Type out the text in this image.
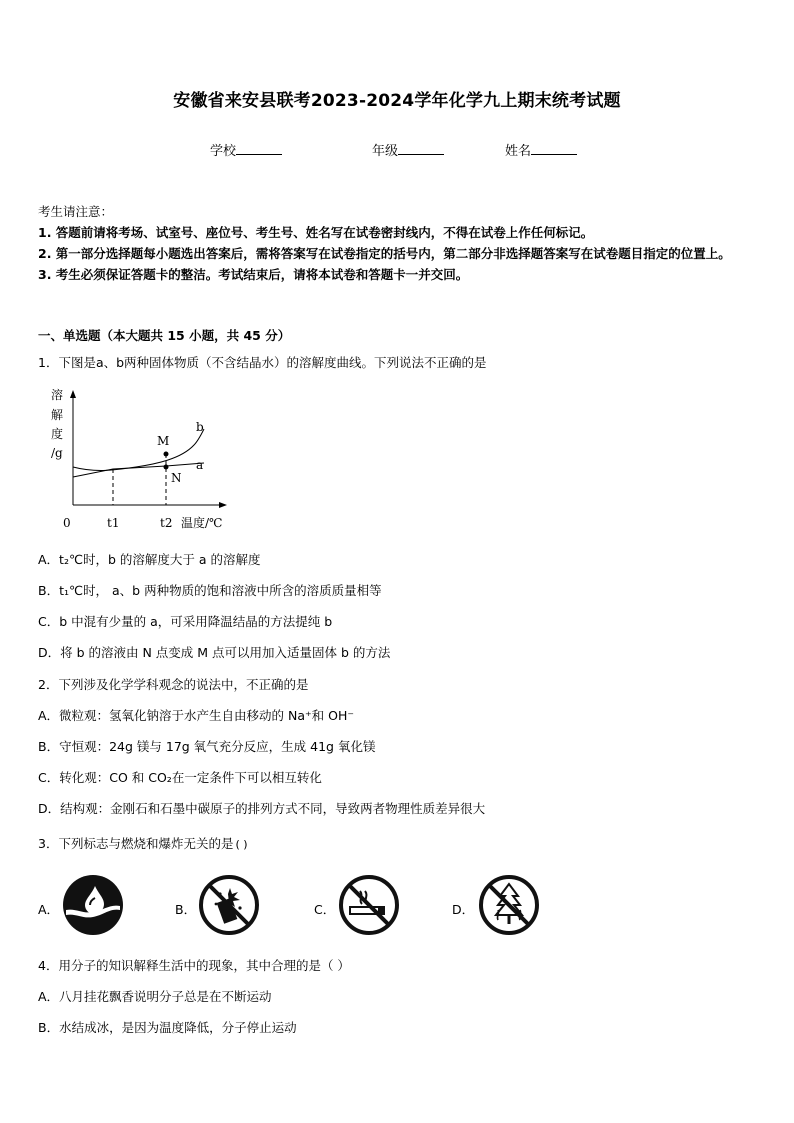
安徽省来安县联考2023-2024学年化学九上期末统考试题
学校	年级	姓名
考生请注意：
1. 答题前请将考场、试室号、座位号、考生号、姓名写在试卷密封线内，不得在试卷上作任何标记。
2. 第一部分选择题每小题选出答案后，需将答案写在试卷指定的括号内，第二部分非选择题答案写在试卷题目指定的位置上。
3. 考生必须保证答题卡的整洁。考试结束后，请将本试卷和答题卡一并交回。
一、单选题（本大题共 15 小题，共 45 分）
1．下图是a、b两种固体物质（不含结晶水）的溶解度曲线。下列说法不正确的是
溶
解
度
/g
M
N
b
a
0	t1	t2 温度/℃
A．t₂℃时，b 的溶解度大于 a 的溶解度
B．t₁℃时， a、b 两种物质的饱和溶液中所含的溶质质量相等
C．b 中混有少量的 a，可采用降温结晶的方法提纯 b
D．将 b 的溶液由 N 点变成 M 点可以用加入适量固体 b 的方法
2．下列涉及化学学科观念的说法中，不正确的是
A．微粒观：氢氧化钠溶于水产生自由移动的 Na⁺和 OH⁻
B．守恒观：24g 镁与 17g 氧气充分反应，生成 41g 氧化镁
C．转化观：CO 和 CO₂在一定条件下可以相互转化
D．结构观：金刚石和石墨中碳原子的排列方式不同，导致两者物理性质差异很大
3．下列标志与燃烧和爆炸无关的是 ( )
A．	B．	C．	D．
4．用分子的知识解释生活中的现象，其中合理的是（ ）
A．八月挂花飘香说明分子总是在不断运动
B．水结成冰，是因为温度降低，分子停止运动
